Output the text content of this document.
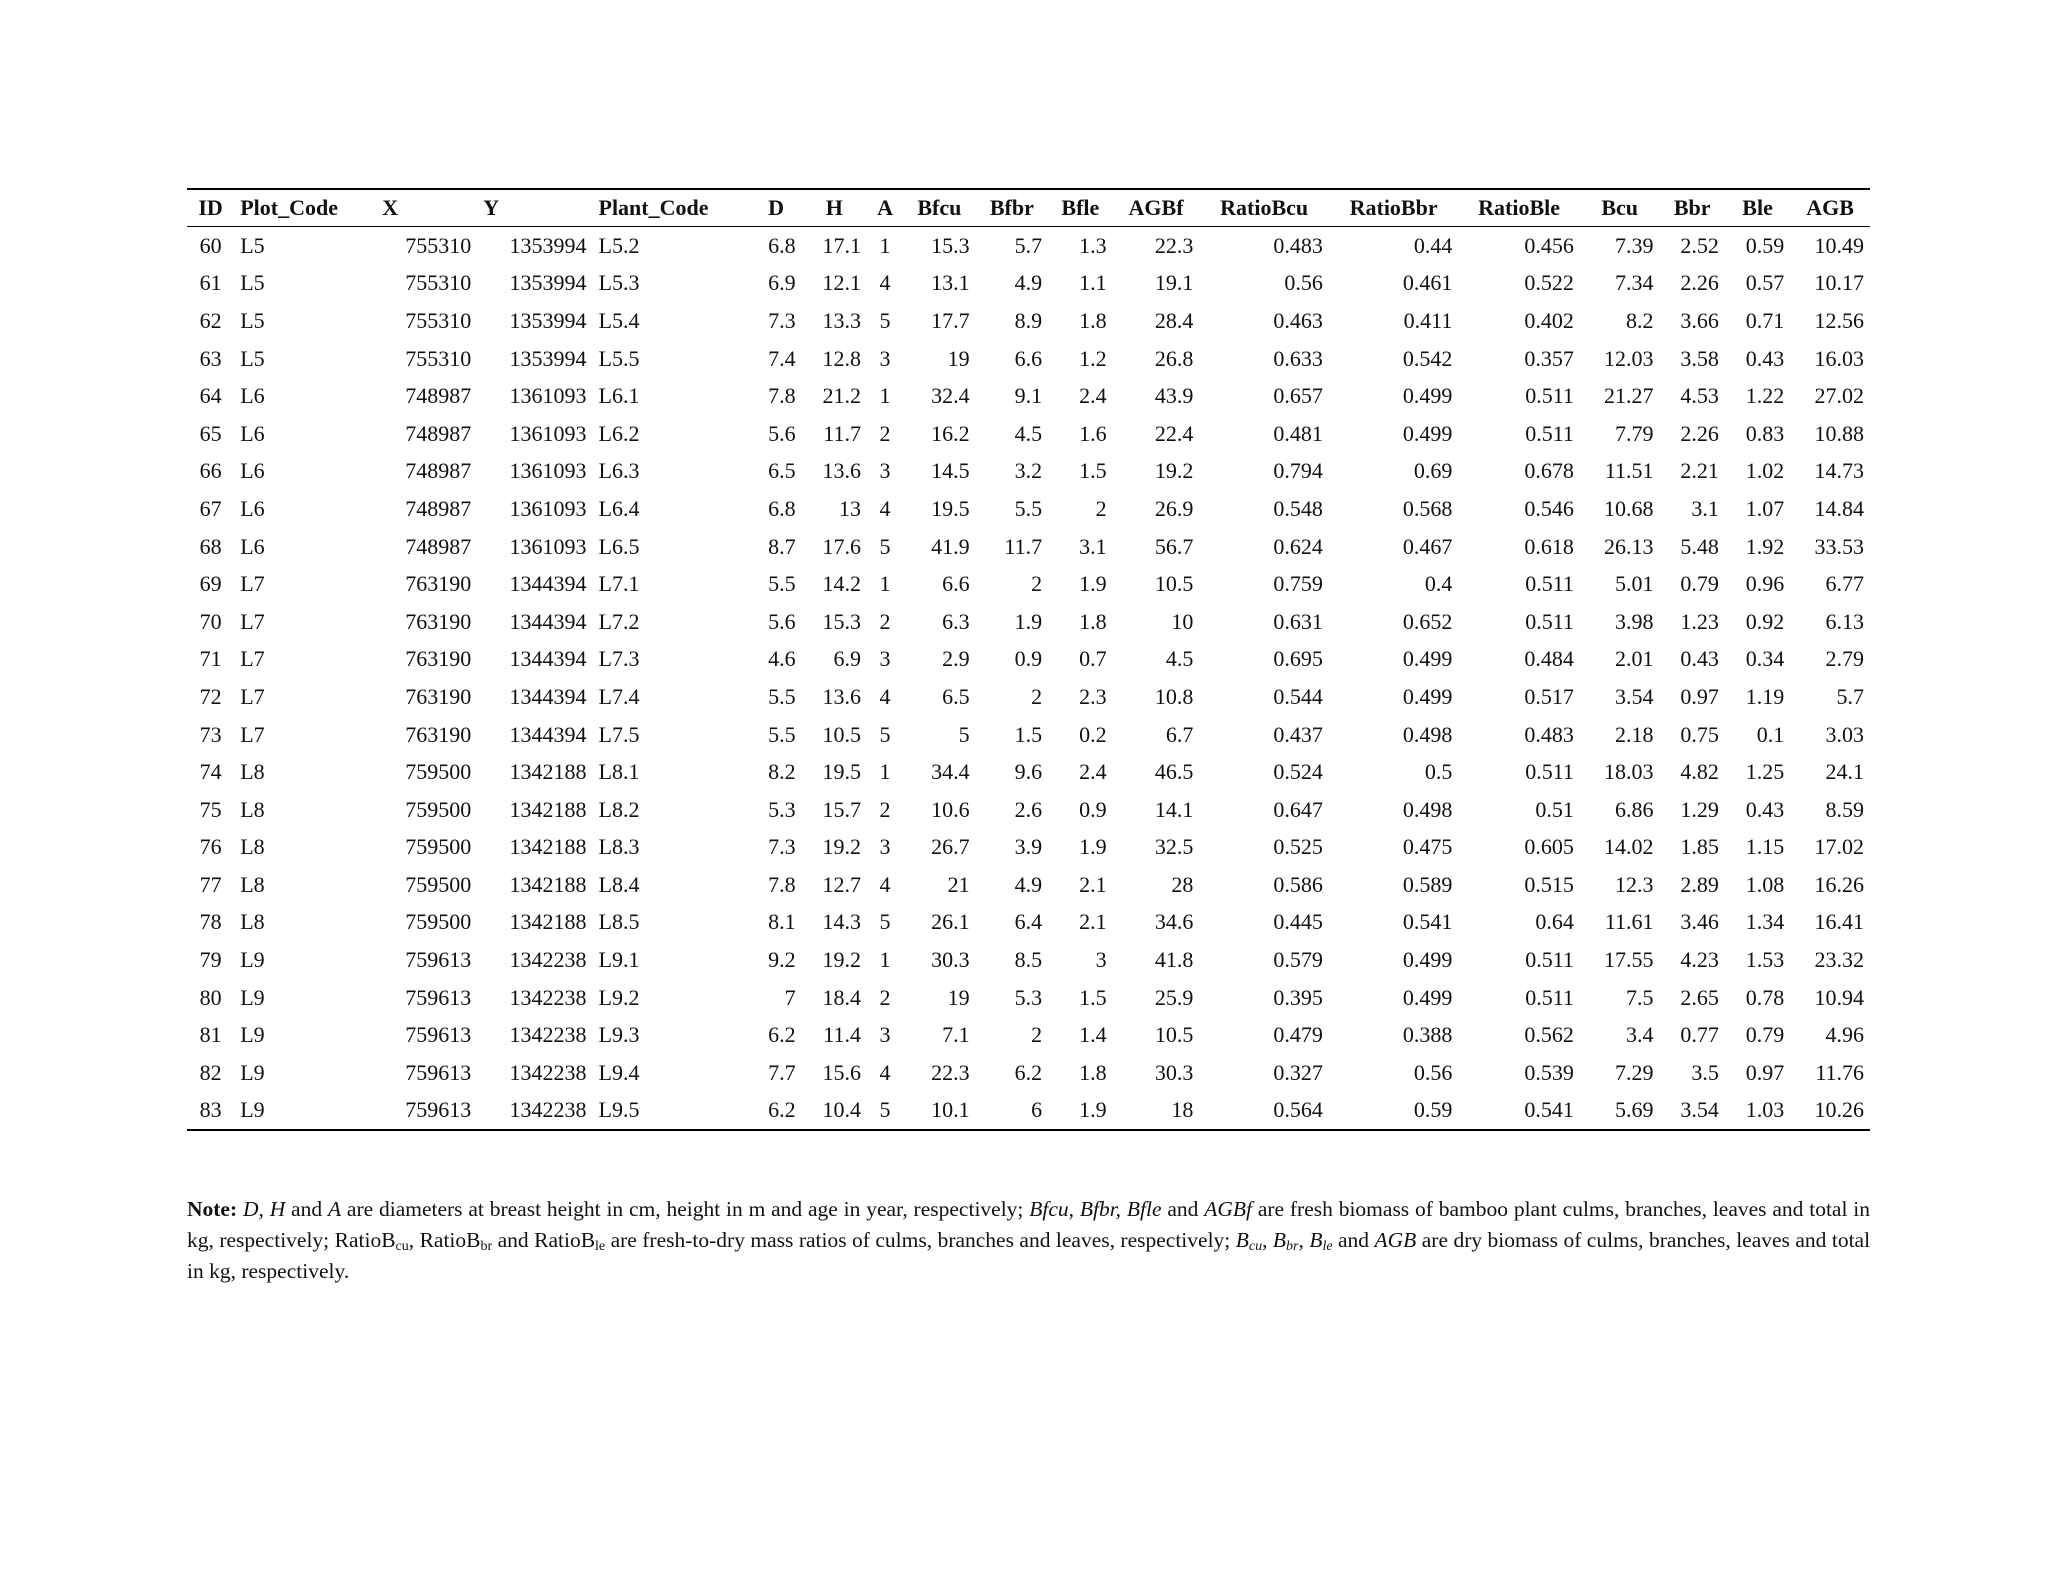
ID	Plot_Code	X	Y	Plant_Code	D	H	A	Bfcu	Bfbr	Bfle	AGBf	RatioBcu	RatioBbr	RatioBle	Bcu	Bbr	Ble	AGB
60	L5	755310	1353994	L5.2	6.8	17.1	1	15.3	5.7	1.3	22.3	0.483	0.44	0.456	7.39	2.52	0.59	10.49
61	L5	755310	1353994	L5.3	6.9	12.1	4	13.1	4.9	1.1	19.1	0.56	0.461	0.522	7.34	2.26	0.57	10.17
62	L5	755310	1353994	L5.4	7.3	13.3	5	17.7	8.9	1.8	28.4	0.463	0.411	0.402	8.2	3.66	0.71	12.56
63	L5	755310	1353994	L5.5	7.4	12.8	3	19	6.6	1.2	26.8	0.633	0.542	0.357	12.03	3.58	0.43	16.03
64	L6	748987	1361093	L6.1	7.8	21.2	1	32.4	9.1	2.4	43.9	0.657	0.499	0.511	21.27	4.53	1.22	27.02
65	L6	748987	1361093	L6.2	5.6	11.7	2	16.2	4.5	1.6	22.4	0.481	0.499	0.511	7.79	2.26	0.83	10.88
66	L6	748987	1361093	L6.3	6.5	13.6	3	14.5	3.2	1.5	19.2	0.794	0.69	0.678	11.51	2.21	1.02	14.73
67	L6	748987	1361093	L6.4	6.8	13	4	19.5	5.5	2	26.9	0.548	0.568	0.546	10.68	3.1	1.07	14.84
68	L6	748987	1361093	L6.5	8.7	17.6	5	41.9	11.7	3.1	56.7	0.624	0.467	0.618	26.13	5.48	1.92	33.53
69	L7	763190	1344394	L7.1	5.5	14.2	1	6.6	2	1.9	10.5	0.759	0.4	0.511	5.01	0.79	0.96	6.77
70	L7	763190	1344394	L7.2	5.6	15.3	2	6.3	1.9	1.8	10	0.631	0.652	0.511	3.98	1.23	0.92	6.13
71	L7	763190	1344394	L7.3	4.6	6.9	3	2.9	0.9	0.7	4.5	0.695	0.499	0.484	2.01	0.43	0.34	2.79
72	L7	763190	1344394	L7.4	5.5	13.6	4	6.5	2	2.3	10.8	0.544	0.499	0.517	3.54	0.97	1.19	5.7
73	L7	763190	1344394	L7.5	5.5	10.5	5	5	1.5	0.2	6.7	0.437	0.498	0.483	2.18	0.75	0.1	3.03
74	L8	759500	1342188	L8.1	8.2	19.5	1	34.4	9.6	2.4	46.5	0.524	0.5	0.511	18.03	4.82	1.25	24.1
75	L8	759500	1342188	L8.2	5.3	15.7	2	10.6	2.6	0.9	14.1	0.647	0.498	0.51	6.86	1.29	0.43	8.59
76	L8	759500	1342188	L8.3	7.3	19.2	3	26.7	3.9	1.9	32.5	0.525	0.475	0.605	14.02	1.85	1.15	17.02
77	L8	759500	1342188	L8.4	7.8	12.7	4	21	4.9	2.1	28	0.586	0.589	0.515	12.3	2.89	1.08	16.26
78	L8	759500	1342188	L8.5	8.1	14.3	5	26.1	6.4	2.1	34.6	0.445	0.541	0.64	11.61	3.46	1.34	16.41
79	L9	759613	1342238	L9.1	9.2	19.2	1	30.3	8.5	3	41.8	0.579	0.499	0.511	17.55	4.23	1.53	23.32
80	L9	759613	1342238	L9.2	7	18.4	2	19	5.3	1.5	25.9	0.395	0.499	0.511	7.5	2.65	0.78	10.94
81	L9	759613	1342238	L9.3	6.2	11.4	3	7.1	2	1.4	10.5	0.479	0.388	0.562	3.4	0.77	0.79	4.96
82	L9	759613	1342238	L9.4	7.7	15.6	4	22.3	6.2	1.8	30.3	0.327	0.56	0.539	7.29	3.5	0.97	11.76
83	L9	759613	1342238	L9.5	6.2	10.4	5	10.1	6	1.9	18	0.564	0.59	0.541	5.69	3.54	1.03	10.26

Note: D, H and A are diameters at breast height in cm, height in m and age in year, respectively; Bfcu, Bfbr, Bfle and AGBf are fresh biomass of bamboo plant culms, branches, leaves and total in kg, respectively; RatioB$_{cu}$, RatioB$_{br}$ and RatioB$_{le}$ are fresh-to-dry mass ratios of culms, branches and leaves, respectively; $B_{cu}$, $B_{br}$, $B_{le}$ and AGB are dry biomass of culms, branches, leaves and total in kg, respectively.
